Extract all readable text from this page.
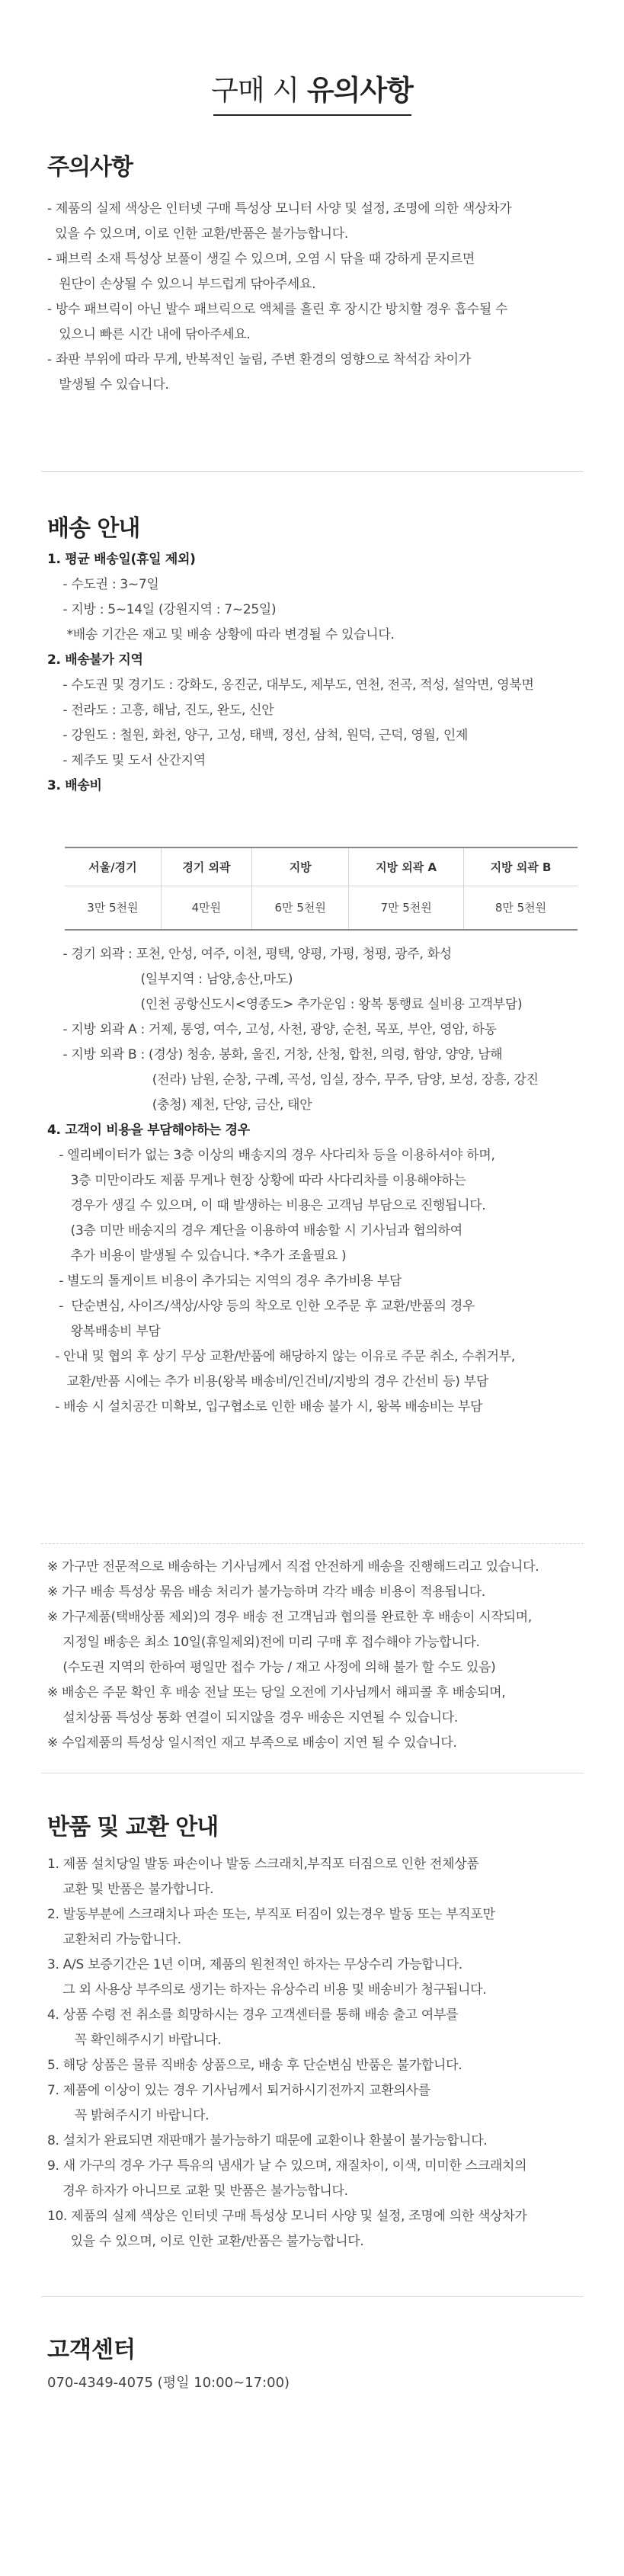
구매 시 유의사항
주의사항
- 제품의 실제 색상은 인터넷 구매 특성상 모니터 사양 및 설정, 조명에 의한 색상차가
있을 수 있으며, 이로 인한 교환/반품은 불가능합니다.
- 패브릭 소재 특성상 보풀이 생길 수 있으며, 오염 시 닦을 때 강하게 문지르면
원단이 손상될 수 있으니 부드럽게 닦아주세요.
- 방수 패브릭이 아닌 발수 패브릭으로 액체를 흘린 후 장시간 방치할 경우 흡수될 수
있으니 빠른 시간 내에 닦아주세요.
- 좌판 부위에 따라 무게, 반복적인 눌림, 주변 환경의 영향으로 착석감 차이가
발생될 수 있습니다.
배송 안내
1. 평균 배송일(휴일 제외)
- 수도권 : 3~7일
- 지방 : 5~14일 (강원지역 : 7~25일)
*배송 기간은 재고 및 배송 상황에 따라 변경될 수 있습니다.
2. 배송불가 지역
- 수도권 및 경기도 : 강화도, 옹진군, 대부도, 제부도, 연천, 전곡, 적성, 설악면, 영북면
- 전라도 : 고흥, 해남, 진도, 완도, 신안
- 강원도 : 철원, 화천, 양구, 고성, 태백, 정선, 삼척, 원덕, 근덕, 영월, 인제
- 제주도 및 도서 산간지역
3. 배송비
서울/경기	경기 외곽	지방	지방 외곽 A	지방 외곽 B
3만 5천원	4만원	6만 5천원	7만 5천원	8만 5천원
- 경기 외곽 : 포천, 안성, 여주, 이천, 평택, 양평, 가평, 청평, 광주, 화성
(일부지역 : 남양,송산,마도)
(인천 공항신도시<영종도> 추가운임 : 왕복 통행료 실비용 고객부담)
- 지방 외곽 A : 거제, 통영, 여수, 고성, 사천, 광양, 순천, 목포, 부안, 영암, 하동
- 지방 외곽 B : (경상) 청송, 봉화, 울진, 거창, 산청, 합천, 의령, 함양, 양양, 남해
(전라) 남원, 순창, 구례, 곡성, 임실, 장수, 무주, 담양, 보성, 장흥, 강진
(충청) 제천, 단양, 금산, 태안
4. 고객이 비용을 부담해야하는 경우
- 엘리베이터가 없는 3층 이상의 배송지의 경우 사다리차 등을 이용하셔야 하며,
3층 미만이라도 제품 무게나 현장 상황에 따라 사다리차를 이용해야하는
경우가 생길 수 있으며, 이 때 발생하는 비용은 고객님 부담으로 진행됩니다.
(3층 미만 배송지의 경우 계단을 이용하여 배송할 시 기사님과 협의하여
추가 비용이 발생될 수 있습니다. *추가 조율필요 )
- 별도의 톨게이트 비용이 추가되는 지역의 경우 추가비용 부담
-  단순변심, 사이즈/색상/사양 등의 착오로 인한 오주문 후 교환/반품의 경우
왕복배송비 부담
- 안내 및 협의 후 상기 무상 교환/반품에 해당하지 않는 이유로 주문 취소, 수취거부,
교환/반품 시에는 추가 비용(왕복 배송비/인건비/지방의 경우 간선비 등) 부담
- 배송 시 설치공간 미확보, 입구협소로 인한 배송 불가 시, 왕복 배송비는 부담
※ 가구만 전문적으로 배송하는 기사님께서 직접 안전하게 배송을 진행해드리고 있습니다.
※ 가구 배송 특성상 묶음 배송 처리가 불가능하며 각각 배송 비용이 적용됩니다.
※ 가구제품(택배상품 제외)의 경우 배송 전 고객님과 협의를 완료한 후 배송이 시작되며,
지정일 배송은 최소 10일(휴일제외)전에 미리 구매 후 접수해야 가능합니다.
(수도권 지역의 한하여 평일만 접수 가능 / 재고 사정에 의해 불가 할 수도 있음)
※ 배송은 주문 확인 후 배송 전날 또는 당일 오전에 기사님께서 해피콜 후 배송되며,
설치상품 특성상 통화 연결이 되지않을 경우 배송은 지연될 수 있습니다.
※ 수입제품의 특성상 일시적인 재고 부족으로 배송이 지연 될 수 있습니다.
반품 및 교환 안내
1. 제품 설치당일 발동 파손이나 발동 스크래치,부직포 터짐으로 인한 전체상품
교환 및 반품은 불가합니다.
2. 발동부분에 스크래치나 파손 또는, 부직포 터짐이 있는경우 발동 또는 부직포만
교환처리 가능합니다.
3. A/S 보증기간은 1년 이며, 제품의 원천적인 하자는 무상수리 가능합니다.
그 외 사용상 부주의로 생기는 하자는 유상수리 비용 및 배송비가 청구됩니다.
4. 상품 수령 전 취소를 희망하시는 경우 고객센터를 통해 배송 출고 여부를
꼭 확인해주시기 바랍니다.
5. 해당 상품은 물류 직배송 상품으로, 배송 후 단순변심 반품은 불가합니다.
7. 제품에 이상이 있는 경우 기사님께서 퇴거하시기전까지 교환의사를
꼭 밝혀주시기 바랍니다.
8. 설치가 완료되면 재판매가 불가능하기 때문에 교환이나 환불이 불가능합니다.
9. 새 가구의 경우 가구 특유의 냄새가 날 수 있으며, 재질차이, 이색, 미미한 스크래치의
경우 하자가 아니므로 교환 및 반품은 불가능합니다.
10. 제품의 실제 색상은 인터넷 구매 특성상 모니터 사양 및 설정, 조명에 의한 색상차가
있을 수 있으며, 이로 인한 교환/반품은 불가능합니다.
고객센터
070-4349-4075 (평일 10:00~17:00)
